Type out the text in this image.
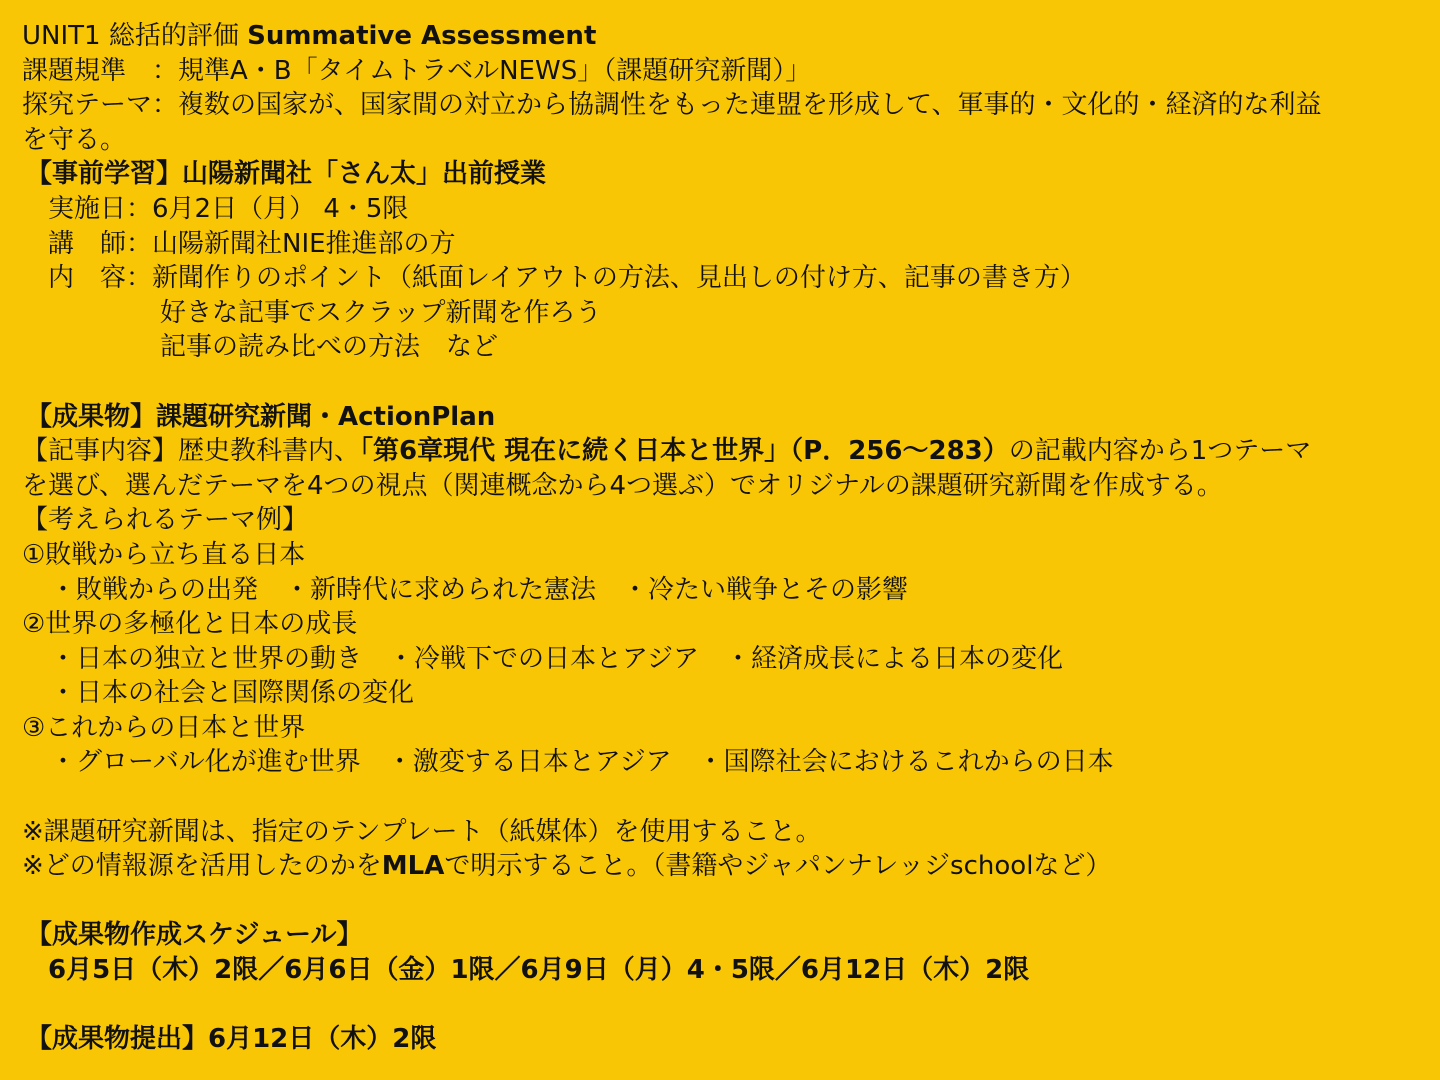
UNIT1 総括的評価 Summative Assessment
課題規準　：規準A・B「タイムトラベルNEWS」（課題研究新聞）」
探究テーマ：複数の国家が、国家間の対立から協調性をもった連盟を形成して、軍事的・文化的・経済的な利益
を守る。
【事前学習】山陽新聞社「さん太」出前授業
実施日：6月2日（月） 4・5限
講　師：山陽新聞社NIE推進部の方
内　容：新聞作りのポイント（紙面レイアウトの方法、見出しの付け方、記事の書き方）
好きな記事でスクラップ新聞を作ろう
記事の読み比べの方法　など
【成果物】課題研究新聞・ActionPlan
【記事内容】歴史教科書内、「第6章現代 現在に続く日本と世界」（P．256〜283）の記載内容から1つテーマ
を選び、選んだテーマを4つの視点（関連概念から4つ選ぶ）でオリジナルの課題研究新聞を作成する。
【考えられるテーマ例】
①敗戦から立ち直る日本
・敗戦からの出発　・新時代に求められた憲法　・冷たい戦争とその影響
②世界の多極化と日本の成長
・日本の独立と世界の動き　・冷戦下での日本とアジア　・経済成長による日本の変化
・日本の社会と国際関係の変化
③これからの日本と世界
・グローバル化が進む世界　・激変する日本とアジア　・国際社会におけるこれからの日本
※課題研究新聞は、指定のテンプレート（紙媒体）を使用すること。
※どの情報源を活用したのかをMLAで明示すること。（書籍やジャパンナレッジschoolなど）
【成果物作成スケジュール】
6月5日（木）2限／6月6日（金）1限／6月9日（月）4・5限／6月12日（木）2限
【成果物提出】6月12日（木）2限
